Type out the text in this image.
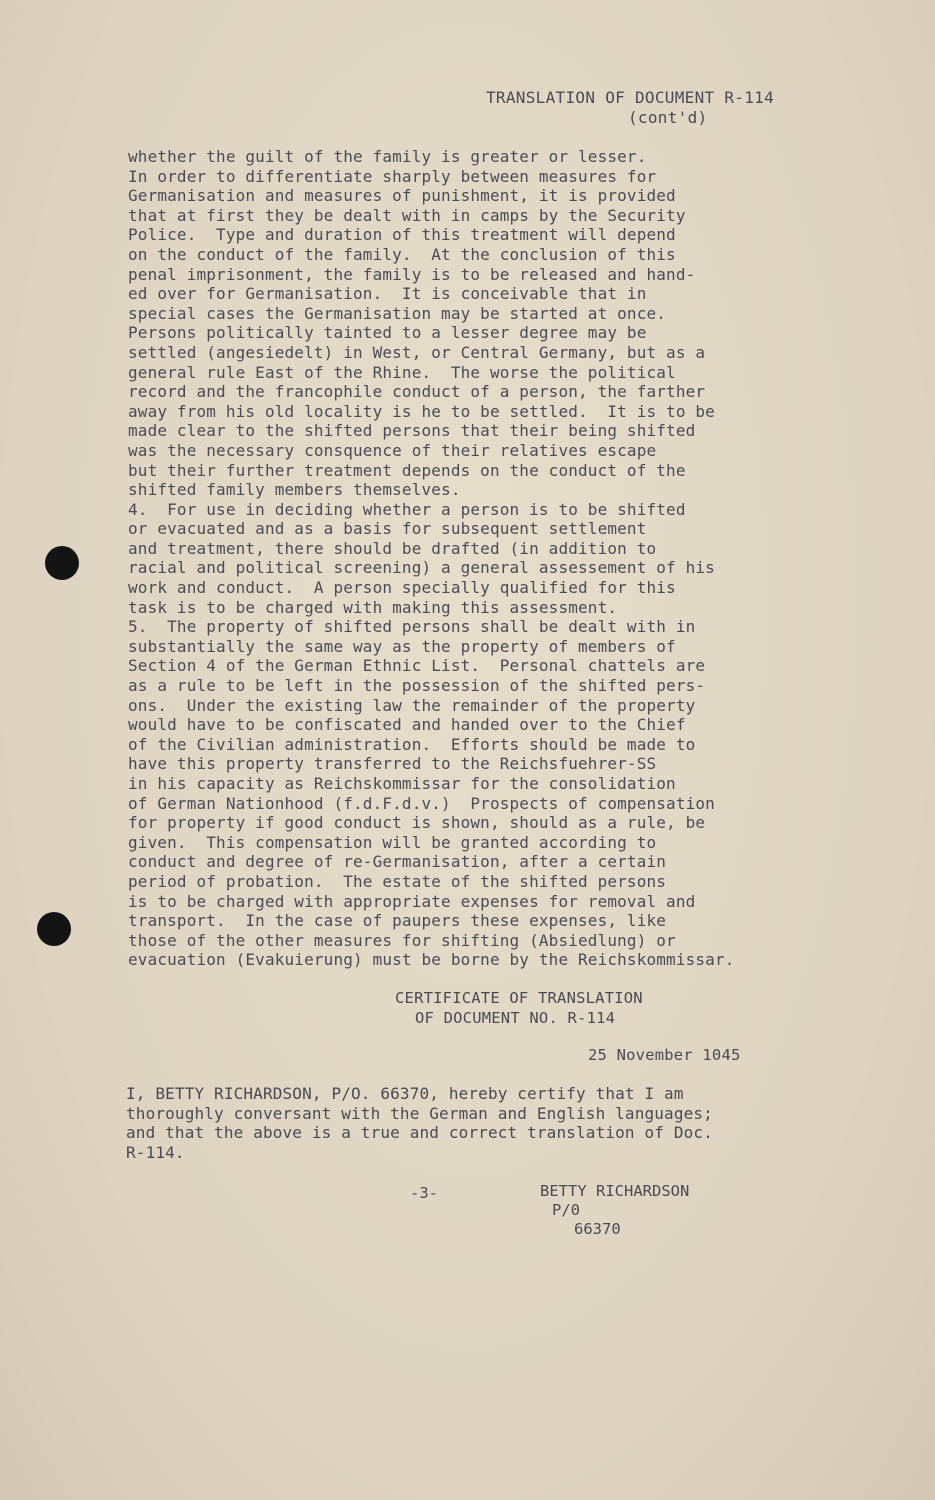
TRANSLATION OF DOCUMENT R-114
(cont'd)
whether the guilt of the family is greater or lesser.
In order to differentiate sharply between measures for
Germanisation and measures of punishment, it is provided
that at first they be dealt with in camps by the Security
Police.  Type and duration of this treatment will depend
on the conduct of the family.  At the conclusion of this
penal imprisonment, the family is to be released and hand-
ed over for Germanisation.  It is conceivable that in
special cases the Germanisation may be started at once.
Persons politically tainted to a lesser degree may be
settled (angesiedelt) in West, or Central Germany, but as a
general rule East of the Rhine.  The worse the political
record and the francophile conduct of a person, the farther
away from his old locality is he to be settled.  It is to be
made clear to the shifted persons that their being shifted
was the necessary consquence of their relatives escape
but their further treatment depends on the conduct of the
shifted family members themselves.
4.  For use in deciding whether a person is to be shifted
or evacuated and as a basis for subsequent settlement
and treatment, there should be drafted (in addition to
racial and political screening) a general assessement of his
work and conduct.  A person specially qualified for this
task is to be charged with making this assessment.
5.  The property of shifted persons shall be dealt with in
substantially the same way as the property of members of
Section 4 of the German Ethnic List.  Personal chattels are
as a rule to be left in the possession of the shifted pers-
ons.  Under the existing law the remainder of the property
would have to be confiscated and handed over to the Chief
of the Civilian administration.  Efforts should be made to
have this property transferred to the Reichsfuehrer-SS
in his capacity as Reichskommissar for the consolidation
of German Nationhood (f.d.F.d.v.)  Prospects of compensation
for property if good conduct is shown, should as a rule, be
given.  This compensation will be granted according to
conduct and degree of re-Germanisation, after a certain
period of probation.  The estate of the shifted persons
is to be charged with appropriate expenses for removal and
transport.  In the case of paupers these expenses, like
those of the other measures for shifting (Absiedlung) or
evacuation (Evakuierung) must be borne by the Reichskommissar.
CERTIFICATE OF TRANSLATION
OF DOCUMENT NO. R-114
25 November 1045
I, BETTY RICHARDSON, P/O. 66370, hereby certify that I am
thoroughly conversant with the German and English languages;
and that the above is a true and correct translation of Doc.
R-114.
-3-	BETTY RICHARDSON
P/0
66370
